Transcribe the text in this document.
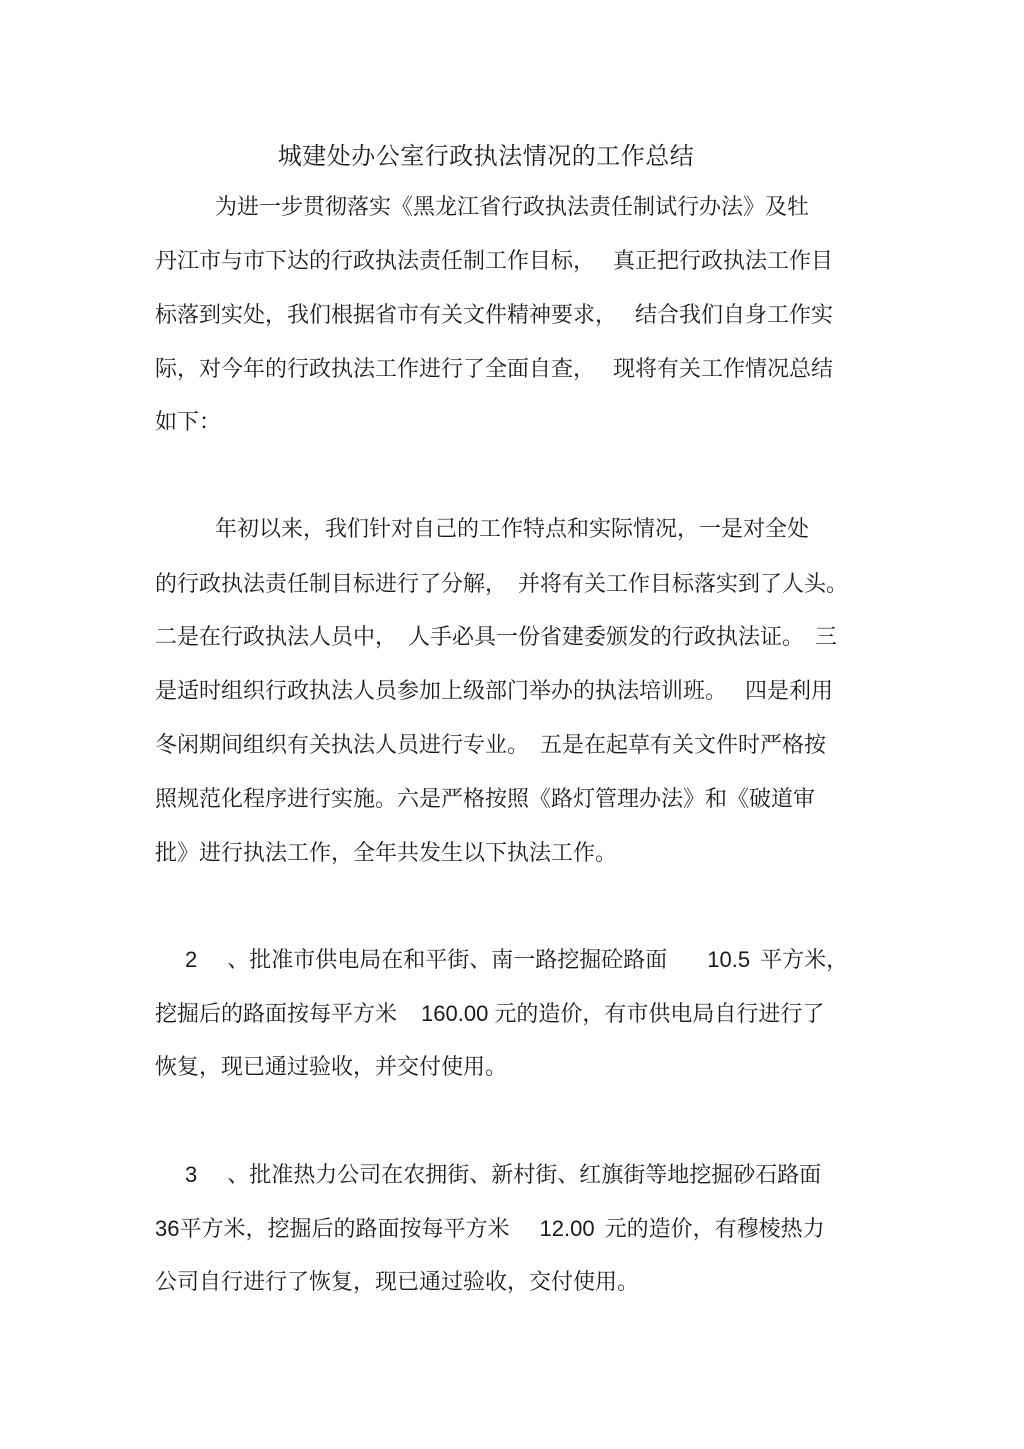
城建处办公室行政执法情况的工作总结
为进一步贯彻落实《黑龙江省行政执法责任制试行办法》及牡
丹江市与市下达的行政执法责任制工作目标，　 真正把行政执法工作目
标落到实处，我们根据省市有关文件精神要求，　 结合我们自身工作实
际，对今年的行政执法工作进行了全面自查，　 现将有关工作情况总结
如下：
年初以来，我们针对自己的工作特点和实际情况，一是对全处
的行政执法责任制目标进行了分解，　并将有关工作目标落实到了人头。
二是在行政执法人员中，　人手必具一份省建委颁发的行政执法证。　三
是适时组织行政执法人员参加上级部门举办的执法培训班。　 四是利用
冬闲期间组织有关执法人员进行专业。　五是在起草有关文件时严格按
照规范化程序进行实施。六是严格按照《路灯管理办法》和《破道审
批》进行执法工作，全年共发生以下执法工作。
2 、批准市供电局在和平街、南一路挖掘砼路面 10.5 平方米，
挖掘后的路面按每平方米 160.00 元的造价，有市供电局自行进行了
恢复，现已通过验收，并交付使用。
3 、批准热力公司在农拥街、新村街、红旗街等地挖掘砂石路面
36平方米，挖掘后的路面按每平方米 12.00 元的造价，有穆棱热力
公司自行进行了恢复，现已通过验收，交付使用。
